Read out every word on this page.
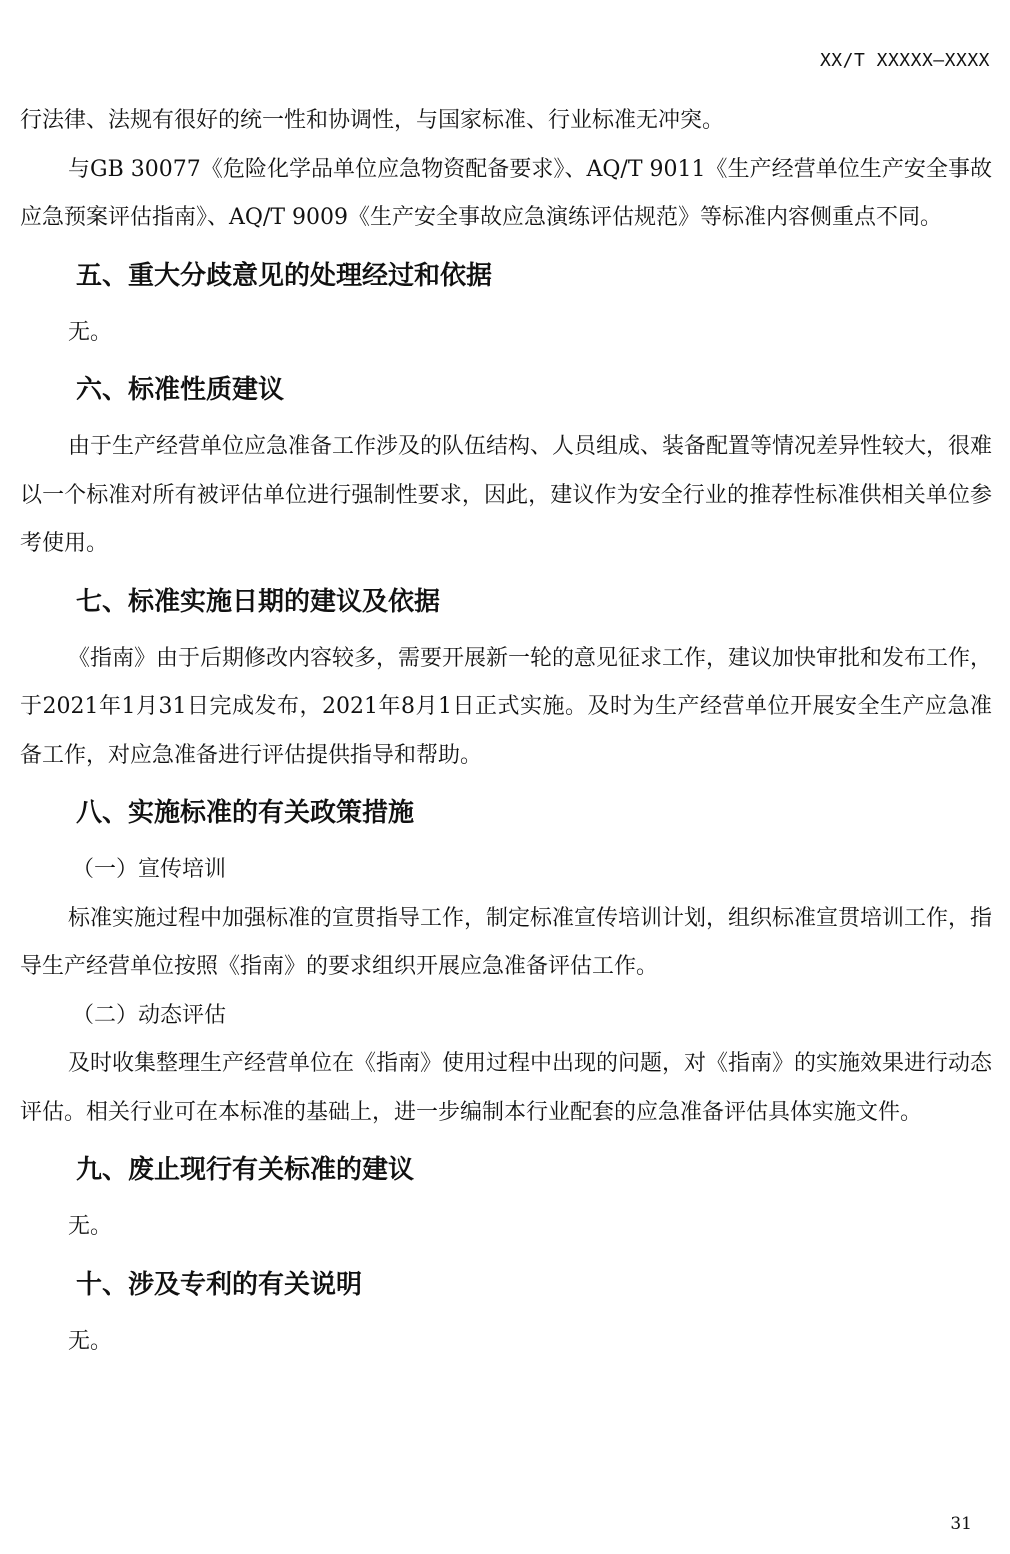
XX/T XXXXX—XXXX

行法律、法规有很好的统一性和协调性，与国家标准、行业标准无冲突。

与GB 30077《危险化学品单位应急物资配备要求》、AQ/T 9011《生产经营单位生产安全事故应急预案评估指南》、AQ/T 9009《生产安全事故应急演练评估规范》等标准内容侧重点不同。

五、重大分歧意见的处理经过和依据

无。

六、标准性质建议

由于生产经营单位应急准备工作涉及的队伍结构、人员组成、装备配置等情况差异性较大，很难以一个标准对所有被评估单位进行强制性要求，因此，建议作为安全行业的推荐性标准供相关单位参考使用。

七、标准实施日期的建议及依据

《指南》由于后期修改内容较多，需要开展新一轮的意见征求工作，建议加快审批和发布工作，于2021年1月31日完成发布，2021年8月1日正式实施。及时为生产经营单位开展安全生产应急准备工作，对应急准备进行评估提供指导和帮助。

八、实施标准的有关政策措施

（一）宣传培训

标准实施过程中加强标准的宣贯指导工作，制定标准宣传培训计划，组织标准宣贯培训工作，指导生产经营单位按照《指南》的要求组织开展应急准备评估工作。

（二）动态评估

及时收集整理生产经营单位在《指南》使用过程中出现的问题，对《指南》的实施效果进行动态评估。相关行业可在本标准的基础上，进一步编制本行业配套的应急准备评估具体实施文件。

九、废止现行有关标准的建议

无。

十、涉及专利的有关说明

无。

31
